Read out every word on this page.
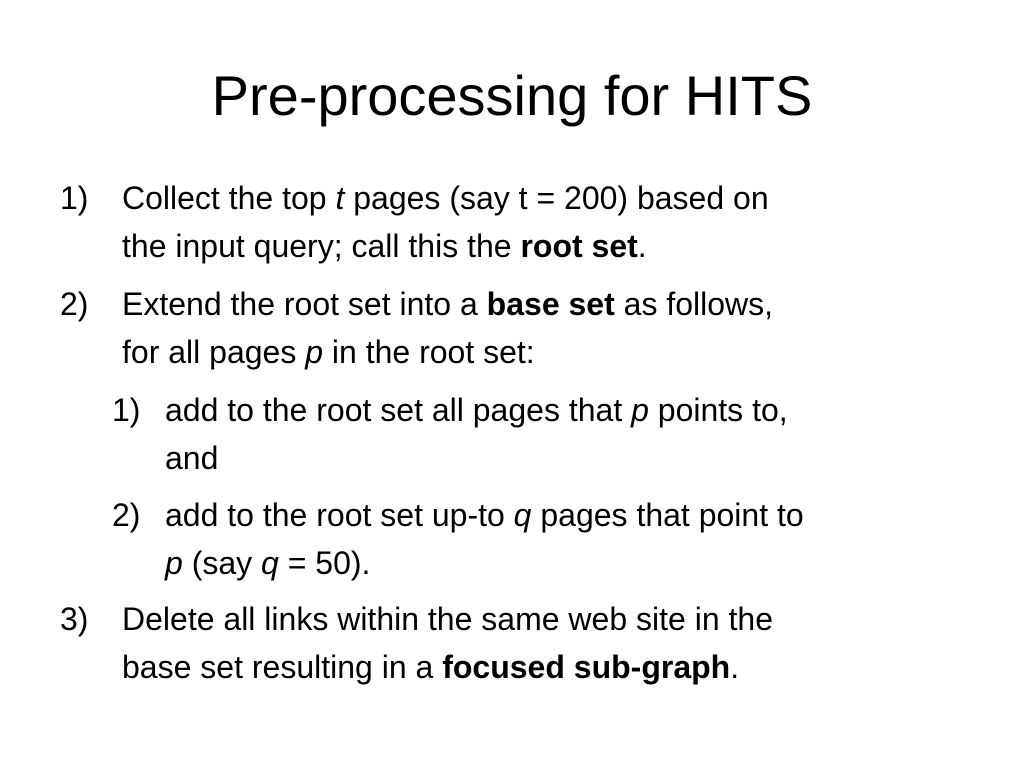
Pre-processing for HITS
1) Collect the top t pages (say t = 200) based on
the input query; call this the root set.
2) Extend the root set into a base set as follows,
for all pages p in the root set:
1) add to the root set all pages that p points to,
and
2) add to the root set up-to q pages that point to
p (say q = 50).
3) Delete all links within the same web site in the
base set resulting in a focused sub-graph.
